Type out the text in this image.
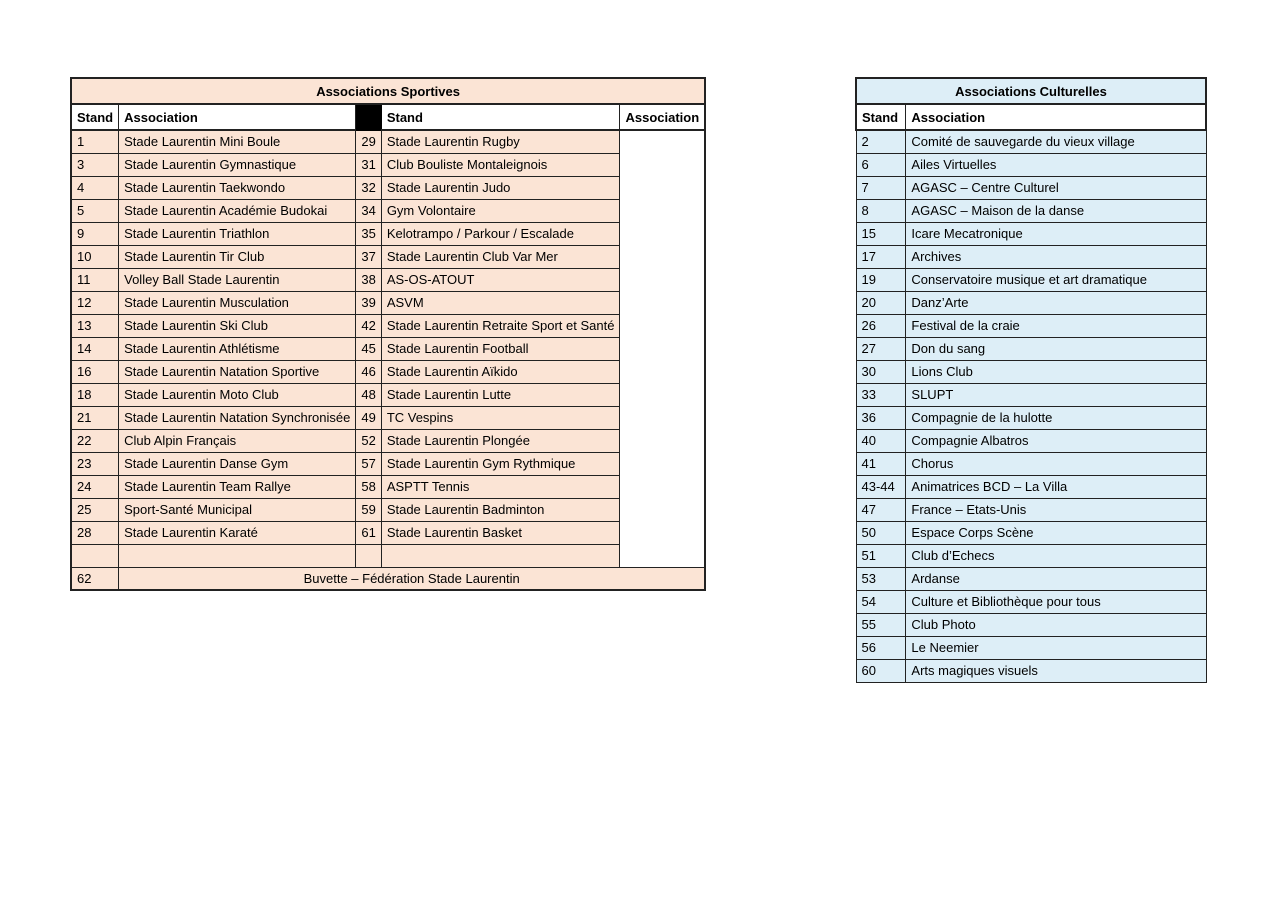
Associations Sportives				
Stand	Association		Stand	Association
1	Stade Laurentin Mini Boule	29	Stade Laurentin Rugby	
3	Stade Laurentin Gymnastique	31	Club Bouliste Montaleignois	
4	Stade Laurentin Taekwondo	32	Stade Laurentin Judo	
5	Stade Laurentin Académie Budokai	34	Gym Volontaire	
9	Stade Laurentin Triathlon	35	Kelotrampo / Parkour / Escalade	
10	Stade Laurentin Tir Club	37	Stade Laurentin Club Var Mer	
11	Volley Ball Stade Laurentin	38	AS-OS-ATOUT	
12	Stade Laurentin Musculation	39	ASVM	
13	Stade Laurentin Ski Club	42	Stade Laurentin Retraite Sport et Santé	
14	Stade Laurentin Athlétisme	45	Stade Laurentin Football	
16	Stade Laurentin Natation Sportive	46	Stade Laurentin Aïkido	
18	Stade Laurentin Moto Club	48	Stade Laurentin Lutte	
21	Stade Laurentin Natation Synchronisée	49	TC Vespins	
22	Club Alpin Français	52	Stade Laurentin Plongée	
23	Stade Laurentin Danse Gym	57	Stade Laurentin Gym Rythmique	
24	Stade Laurentin Team Rallye	58	ASPTT Tennis	
25	Sport-Santé Municipal	59	Stade Laurentin Badminton	
28	Stade Laurentin Karaté	61	Stade Laurentin Basket	

62	Buvette – Fédération Stade Laurentin			
Associations Culturelles	
Stand	Association
2	Comité de sauvegarde du vieux village
6	Ailes Virtuelles
7	AGASC – Centre Culturel
8	AGASC – Maison de la danse
15	Icare Mecatronique
17	Archives
19	Conservatoire musique et art dramatique
20	Danz’Arte
26	Festival de la craie
27	Don du sang
30	Lions Club
33	SLUPT
36	Compagnie de la hulotte
40	Compagnie Albatros
41	Chorus
43-44	Animatrices BCD – La Villa
47	France – Etats-Unis
50	Espace Corps Scène
51	Club d’Echecs
53	Ardanse
54	Culture et Bibliothèque pour tous
55	Club Photo
56	Le Neemier
60	Arts magiques visuels
